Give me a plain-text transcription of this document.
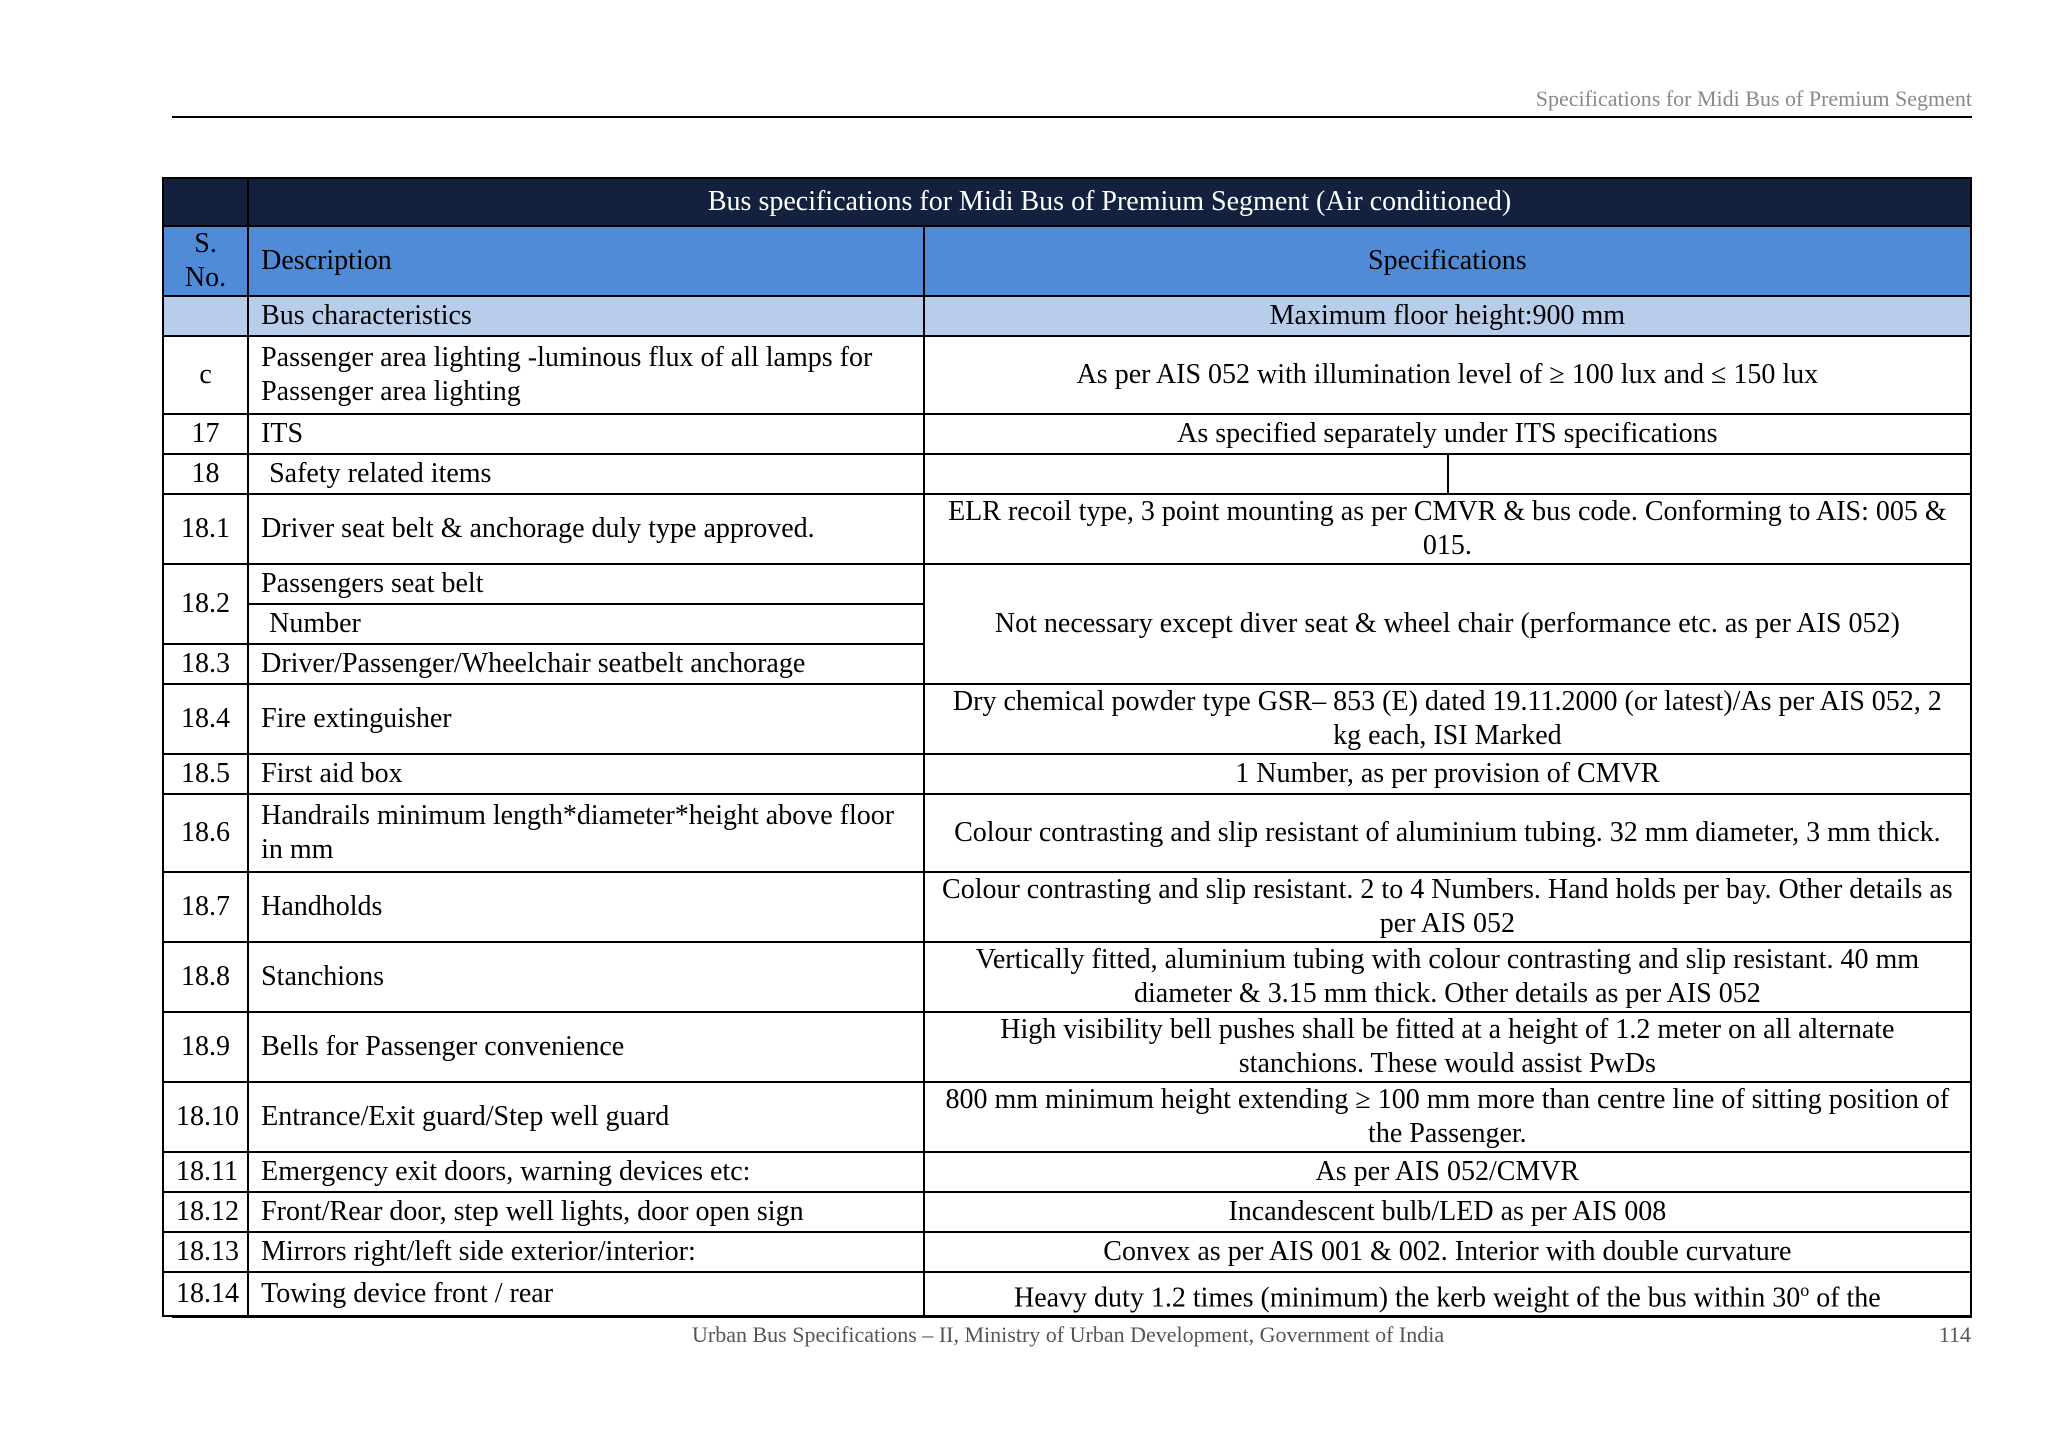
Specifications for Midi Bus of Premium Segment
	Bus specifications for Midi Bus of Premium Segment (Air conditioned)		
S. No.	Description	Specifications	
	Bus characteristics	Maximum floor height:900 mm	
c	Passenger area lighting -luminous flux of all lamps for Passenger area lighting	As per AIS 052 with illumination level of ≥ 100 lux and ≤ 150 lux	
17	ITS	As specified separately under ITS specifications	
18	Safety related items		
18.1	Driver seat belt & anchorage duly type approved.	ELR recoil type, 3 point mounting as per CMVR & bus code. Conforming to AIS: 005 & 015.	
18.2	Passengers seat belt	Not necessary except diver seat & wheel chair (performance etc. as per AIS 052)	
	Number		
18.3	Driver/Passenger/Wheelchair seatbelt anchorage		
18.4	Fire extinguisher	Dry chemical powder type GSR– 853 (E) dated 19.11.2000 (or latest)/As per AIS 052, 2 kg each, ISI Marked	
18.5	First aid box	1 Number, as per provision of CMVR	
18.6	Handrails minimum length*diameter*height above floor in mm	Colour contrasting and slip resistant of aluminium tubing. 32 mm diameter, 3 mm thick.	
18.7	Handholds	Colour contrasting and slip resistant. 2 to 4 Numbers. Hand holds per bay. Other details as per AIS 052	
18.8	Stanchions	Vertically fitted, aluminium tubing with colour contrasting and slip resistant. 40 mm diameter & 3.15 mm thick. Other details as per AIS 052	
18.9	Bells for Passenger convenience	High visibility bell pushes shall be fitted at a height of 1.2 meter on all alternate stanchions. These would assist PwDs	
18.10	Entrance/Exit guard/Step well guard	800 mm minimum height extending ≥ 100 mm more than centre line of sitting position of the Passenger.	
18.11	Emergency exit doors, warning devices etc:	As per AIS 052/CMVR	
18.12	Front/Rear door, step well lights, door open sign	Incandescent bulb/LED as per AIS 008	
18.13	Mirrors right/left side exterior/interior:	Convex as per AIS 001 & 002. Interior with double curvature	
18.14	Towing device front / rear	Heavy duty 1.2 times (minimum) the kerb weight of the bus within 30$^o$ of the	
Urban Bus Specifications – II, Ministry of Urban Development, Government of India	114
